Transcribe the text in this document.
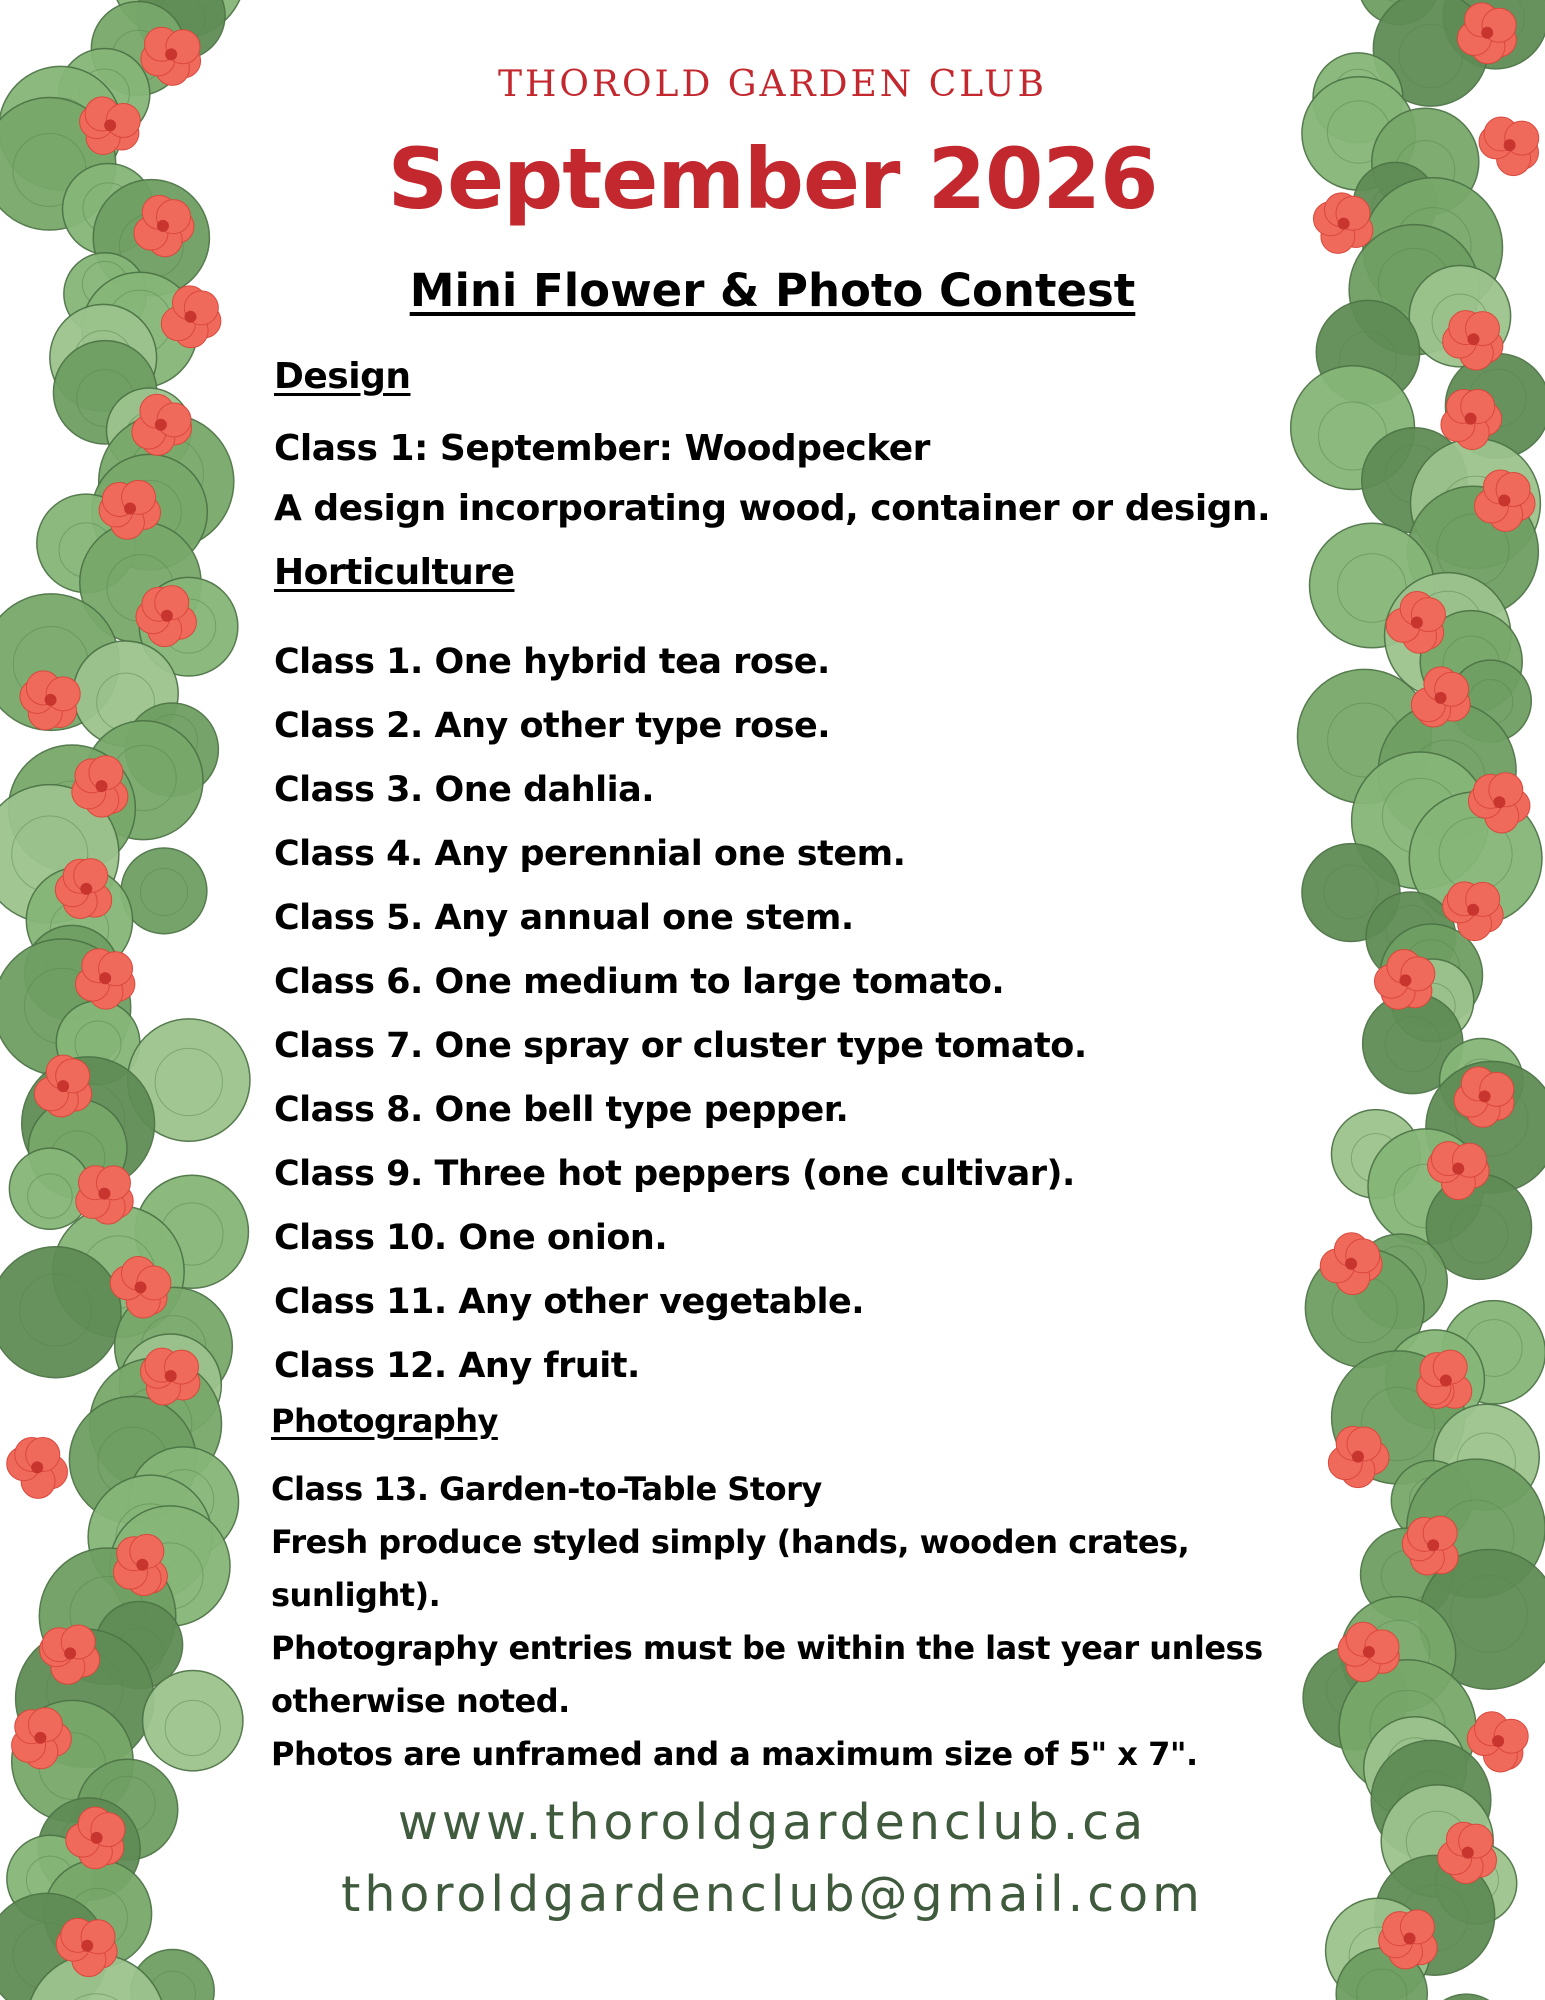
THOROLD GARDEN CLUB
September 2026
Mini Flower & Photo Contest
Design
Class 1: September: Woodpecker
A design incorporating wood, container or design.
Horticulture
Class 1. One hybrid tea rose.
Class 2. Any other type rose.
Class 3. One dahlia.
Class 4. Any perennial one stem.
Class 5. Any annual one stem.
Class 6. One medium to large tomato.
Class 7. One spray or cluster type tomato.
Class 8. One bell type pepper.
Class 9. Three hot peppers (one cultivar).
Class 10. One onion.
Class 11. Any other vegetable.
Class 12. Any fruit.
Photography
Class 13. Garden-to-Table Story
Fresh produce styled simply (hands, wooden crates,
sunlight).
Photography entries must be within the last year unless
otherwise noted.
Photos are unframed and a maximum size of 5" x 7".
www.thoroldgardenclub.ca
thoroldgardenclub@gmail.com
